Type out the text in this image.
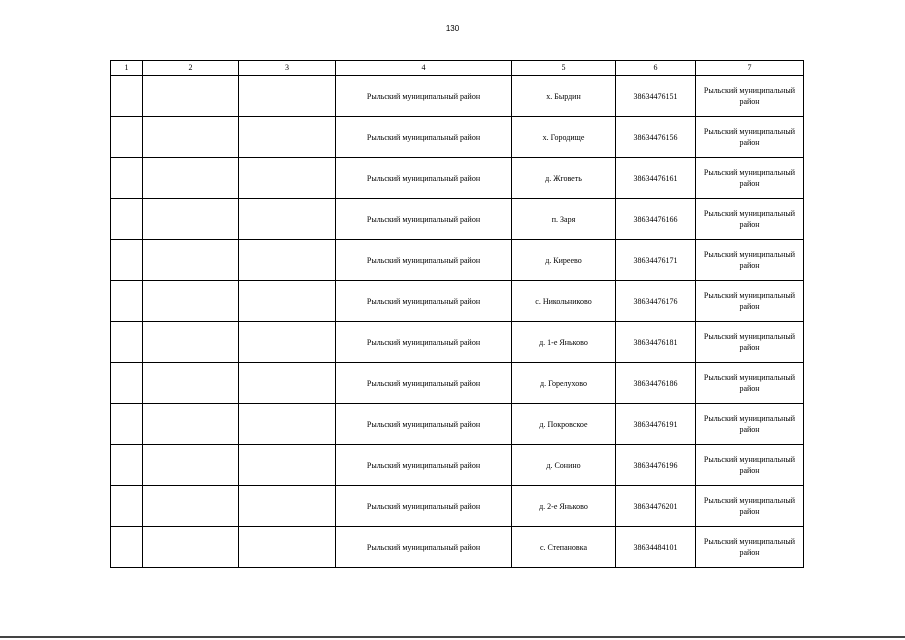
130
1	2	3	4	5	6	7
			Рыльский муниципальный район	х. Бырдин	38634476151	Рыльский муниципальный район
			Рыльский муниципальный район	х. Городище	38634476156	Рыльский муниципальный район
			Рыльский муниципальный район	д. Жговеть	38634476161	Рыльский муниципальный район
			Рыльский муниципальный район	п. Заря	38634476166	Рыльский муниципальный район
			Рыльский муниципальный район	д. Киреево	38634476171	Рыльский муниципальный район
			Рыльский муниципальный район	с. Никольниково	38634476176	Рыльский муниципальный район
			Рыльский муниципальный район	д. 1-е Яньково	38634476181	Рыльский муниципальный район
			Рыльский муниципальный район	д. Горелухово	38634476186	Рыльский муниципальный район
			Рыльский муниципальный район	д. Покровское	38634476191	Рыльский муниципальный район
			Рыльский муниципальный район	д. Сонино	38634476196	Рыльский муниципальный район
			Рыльский муниципальный район	д. 2-е Яньково	38634476201	Рыльский муниципальный район
			Рыльский муниципальный район	с. Степановка	38634484101	Рыльский муниципальный район
